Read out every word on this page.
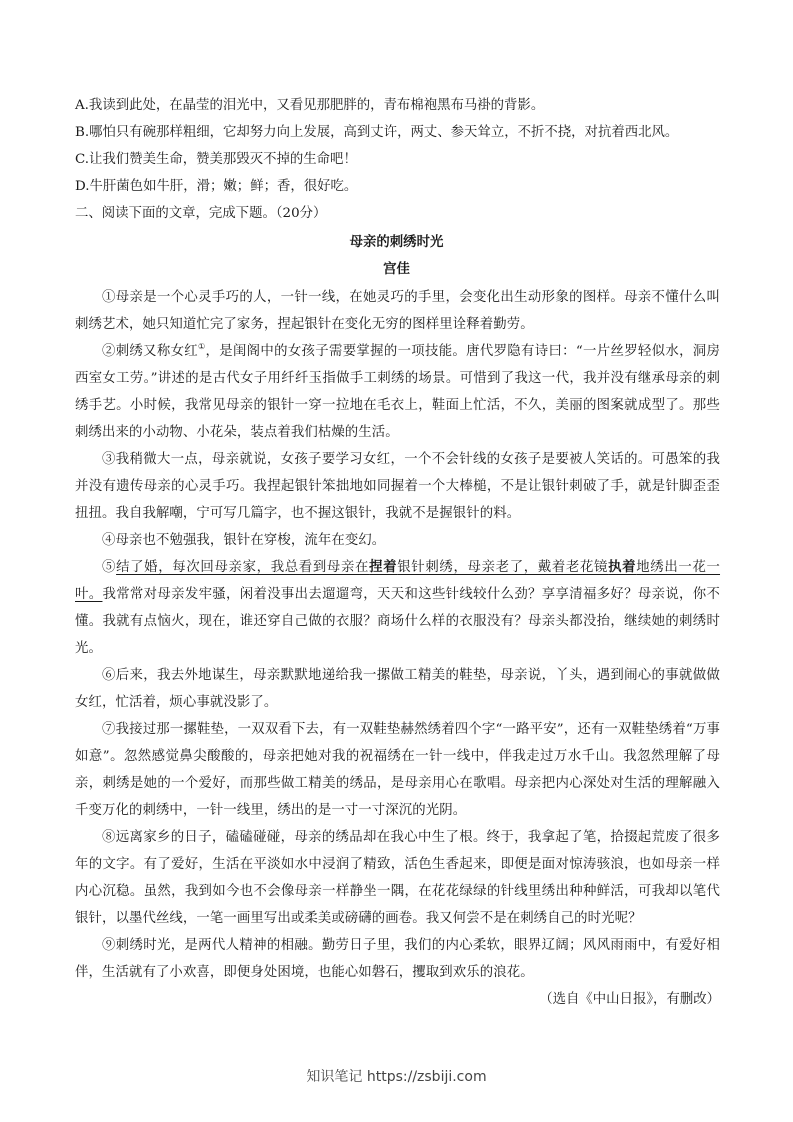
A.我读到此处，在晶莹的泪光中，又看见那肥胖的，青布棉袍黑布马褂的背影。

B.哪怕只有碗那样粗细，它却努力向上发展，高到丈许，两丈、参天耸立，不折不挠，对抗着西北风。

C.让我们赞美生命，赞美那毁灭不掉的生命吧！

D.牛肝菌色如牛肝，滑；嫩；鲜；香，很好吃。

二、阅读下面的文章，完成下题。（20分）

母亲的刺绣时光
宫佳

①母亲是一个心灵手巧的人，一针一线，在她灵巧的手里，会变化出生动形象的图样。母亲不懂什么叫刺绣艺术，她只知道忙完了家务，捏起银针在变化无穷的图样里诠释着勤劳。

②刺绣又称女红①，是闺阁中的女孩子需要掌握的一项技能。唐代罗隐有诗曰：“一片丝罗轻似水，洞房西室女工劳。”讲述的是古代女子用纤纤玉指做手工刺绣的场景。可惜到了我这一代，我并没有继承母亲的刺绣手艺。小时候，我常见母亲的银针一穿一拉地在毛衣上，鞋面上忙活，不久，美丽的图案就成型了。那些刺绣出来的小动物、小花朵，装点着我们枯燥的生活。

③我稍微大一点，母亲就说，女孩子要学习女红，一个不会针线的女孩子是要被人笑话的。可愚笨的我并没有遗传母亲的心灵手巧。我捏起银针笨拙地如同握着一个大棒槌，不是让银针刺破了手，就是针脚歪歪扭扭。我自我解嘲，宁可写几篇字，也不握这银针，我就不是握银针的料。

④母亲也不勉强我，银针在穿梭，流年在变幻。

⑤结了婚，每次回母亲家，我总看到母亲在捏着银针刺绣，母亲老了，戴着老花镜执着地绣出一花一叶。我常常对母亲发牢骚，闲着没事出去遛遛弯，天天和这些针线较什么劲？享享清福多好？母亲说，你不懂。我就有点恼火，现在，谁还穿自己做的衣服？商场什么样的衣服没有？母亲头都没抬，继续她的刺绣时光。

⑥后来，我去外地谋生，母亲默默地递给我一摞做工精美的鞋垫，母亲说，丫头，遇到闹心的事就做做女红，忙活着，烦心事就没影了。

⑦我接过那一摞鞋垫，一双双看下去，有一双鞋垫赫然绣着四个字“一路平安”，还有一双鞋垫绣着“万事如意”。忽然感觉鼻尖酸酸的，母亲把她对我的祝福绣在一针一线中，伴我走过万水千山。我忽然理解了母亲，刺绣是她的一个爱好，而那些做工精美的绣品，是母亲用心在歌唱。母亲把内心深处对生活的理解融入千变万化的刺绣中，一针一线里，绣出的是一寸一寸深沉的光阴。

⑧远离家乡的日子，磕磕碰碰，母亲的绣品却在我心中生了根。终于，我拿起了笔，拾掇起荒废了很多年的文字。有了爱好，生活在平淡如水中浸润了精致，活色生香起来，即便是面对惊涛骇浪，也如母亲一样内心沉稳。虽然，我到如今也不会像母亲一样静坐一隅，在花花绿绿的针线里绣出种种鲜活，可我却以笔代银针，以墨代丝线，一笔一画里写出或柔美或磅礴的画卷。我又何尝不是在刺绣自己的时光呢？

⑨刺绣时光，是两代人精神的相融。勤劳日子里，我们的内心柔软，眼界辽阔；风风雨雨中，有爱好相伴，生活就有了小欢喜，即便身处困境，也能心如磐石，攫取到欢乐的浪花。

（选自《中山日报》，有删改）

知识笔记 https://zsbiji.com
